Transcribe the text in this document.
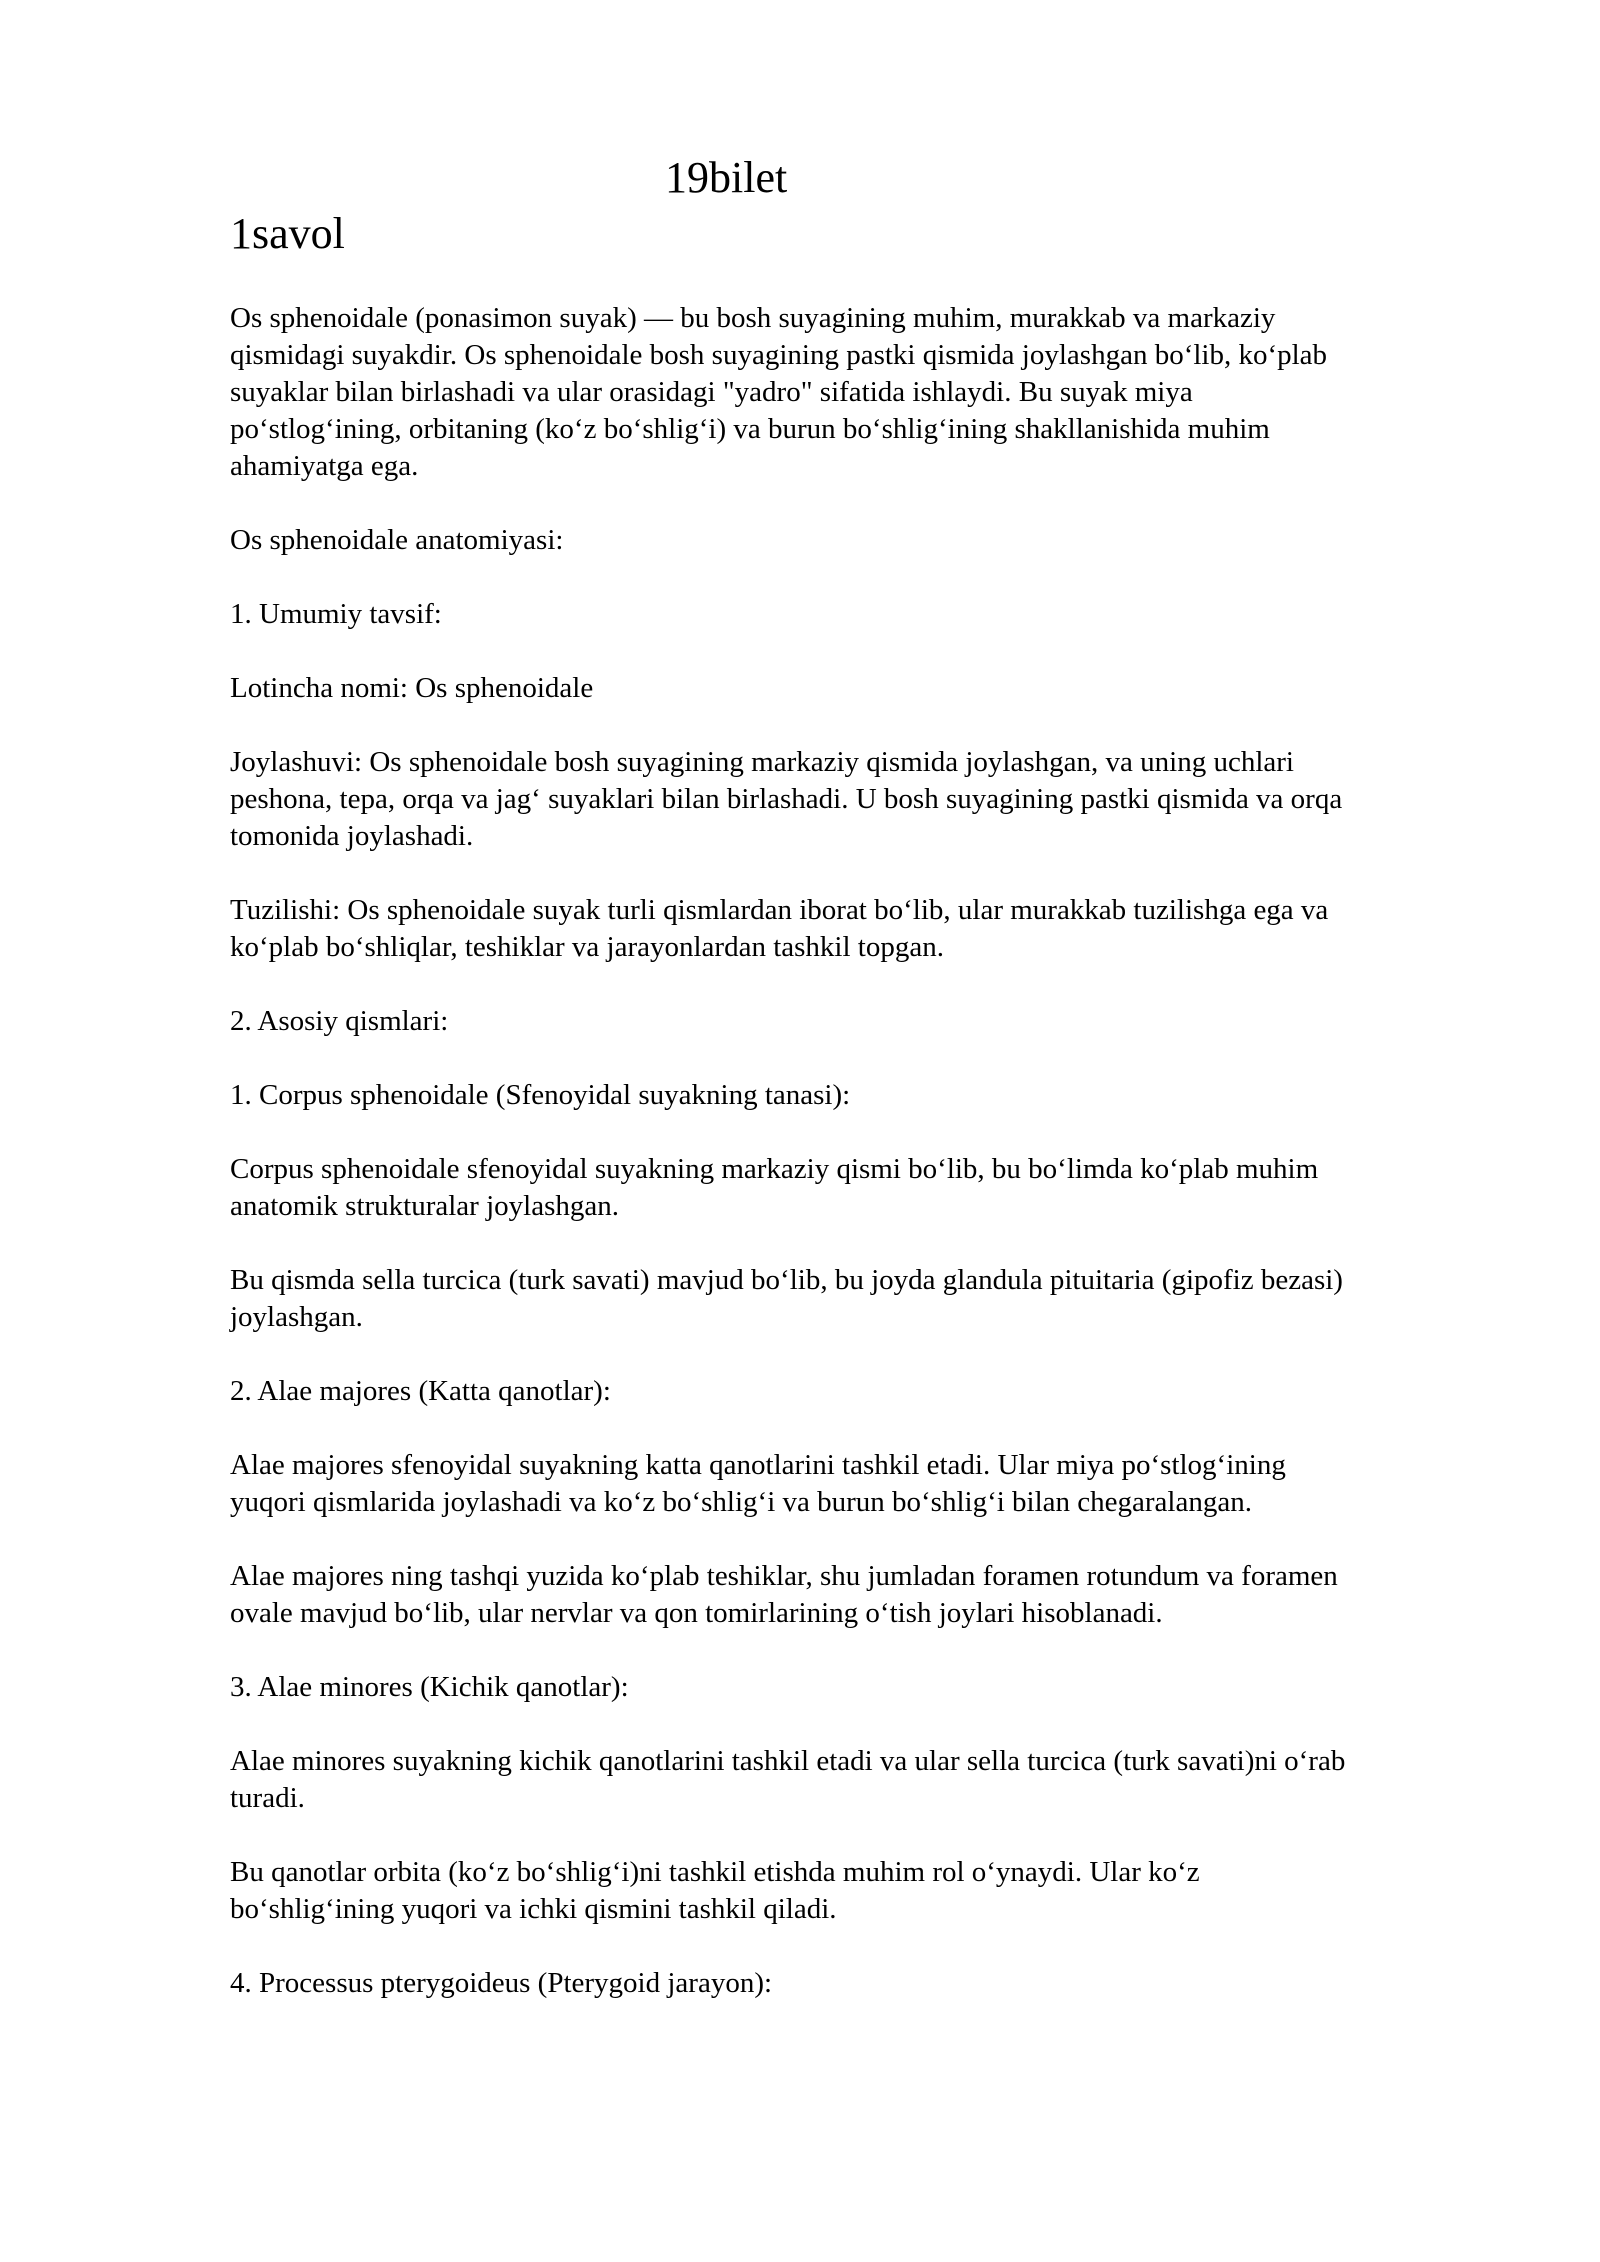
19bilet
1savol

Os sphenoidale (ponasimon suyak) — bu bosh suyagining muhim, murakkab va markaziy
qismidagi suyakdir. Os sphenoidale bosh suyagining pastki qismida joylashgan bo‘lib, ko‘plab
suyaklar bilan birlashadi va ular orasidagi "yadro" sifatida ishlaydi. Bu suyak miya
po‘stlog‘ining, orbitaning (ko‘z bo‘shlig‘i) va burun bo‘shlig‘ining shakllanishida muhim
ahamiyatga ega.

Os sphenoidale anatomiyasi:

1. Umumiy tavsif:

Lotincha nomi: Os sphenoidale

Joylashuvi: Os sphenoidale bosh suyagining markaziy qismida joylashgan, va uning uchlari
peshona, tepa, orqa va jag‘ suyaklari bilan birlashadi. U bosh suyagining pastki qismida va orqa
tomonida joylashadi.

Tuzilishi: Os sphenoidale suyak turli qismlardan iborat bo‘lib, ular murakkab tuzilishga ega va
ko‘plab bo‘shliqlar, teshiklar va jarayonlardan tashkil topgan.

2. Asosiy qismlari:

1. Corpus sphenoidale (Sfenoyidal suyakning tanasi):

Corpus sphenoidale sfenoyidal suyakning markaziy qismi bo‘lib, bu bo‘limda ko‘plab muhim
anatomik strukturalar joylashgan.

Bu qismda sella turcica (turk savati) mavjud bo‘lib, bu joyda glandula pituitaria (gipofiz bezasi)
joylashgan.

2. Alae majores (Katta qanotlar):

Alae majores sfenoyidal suyakning katta qanotlarini tashkil etadi. Ular miya po‘stlog‘ining
yuqori qismlarida joylashadi va ko‘z bo‘shlig‘i va burun bo‘shlig‘i bilan chegaralangan.

Alae majores ning tashqi yuzida ko‘plab teshiklar, shu jumladan foramen rotundum va foramen
ovale mavjud bo‘lib, ular nervlar va qon tomirlarining o‘tish joylari hisoblanadi.

3. Alae minores (Kichik qanotlar):

Alae minores suyakning kichik qanotlarini tashkil etadi va ular sella turcica (turk savati)ni o‘rab
turadi.

Bu qanotlar orbita (ko‘z bo‘shlig‘i)ni tashkil etishda muhim rol o‘ynaydi. Ular ko‘z
bo‘shlig‘ining yuqori va ichki qismini tashkil qiladi.

4. Processus pterygoideus (Pterygoid jarayon):
